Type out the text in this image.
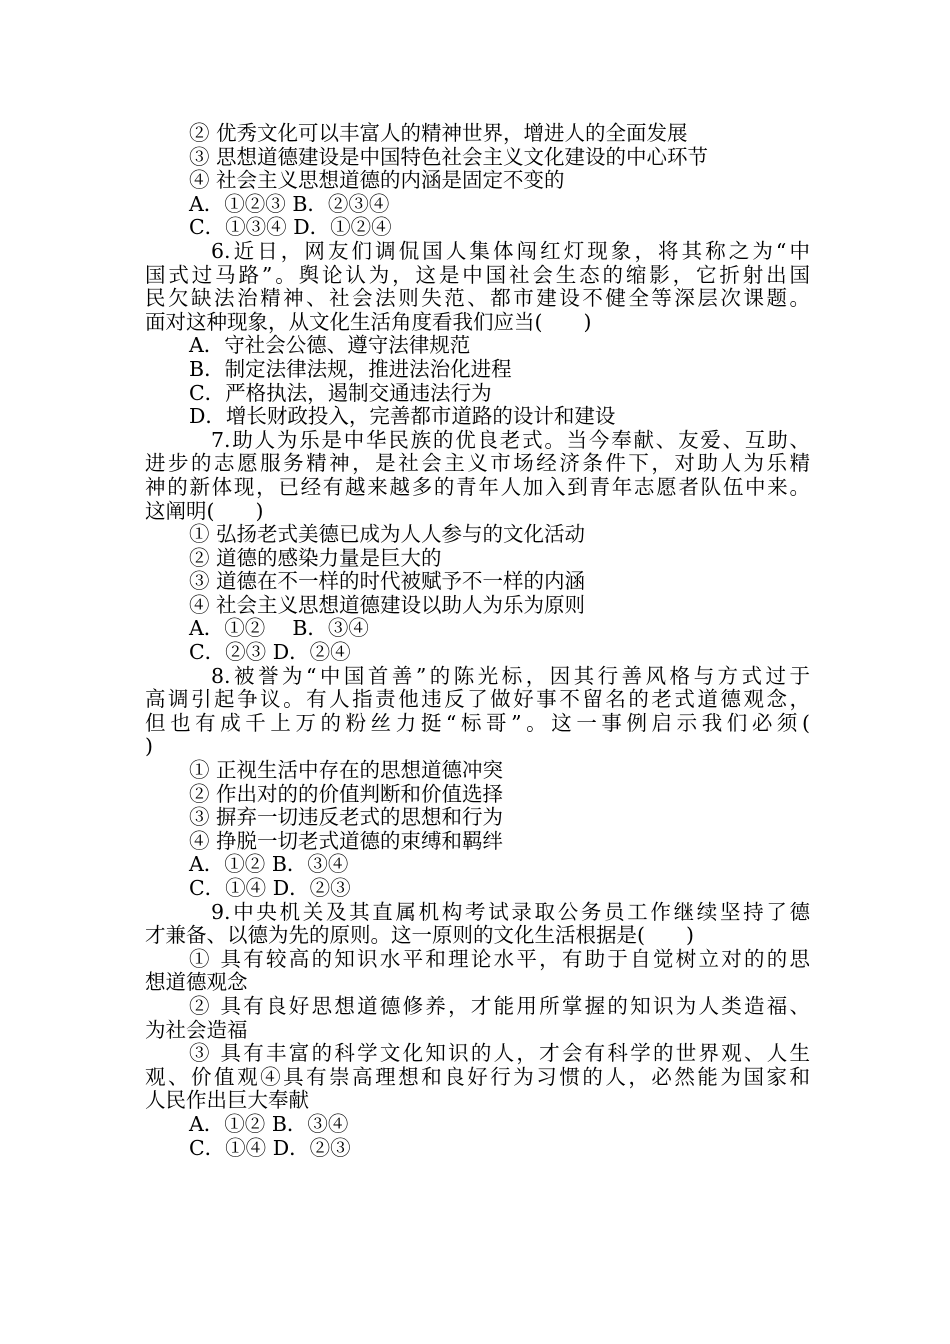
② 优秀文化可以丰富人的精神世界，增进人的全面发展
③ 思想道德建设是中国特色社会主义文化建设的中心环节
④ 社会主义思想道德的内涵是固定不变的
A．①②③ B．②③④
C．①③④ D．①②④
6.近日，网友们调侃国人集体闯红灯现象，将其称之为“中
国式过马路”。舆论认为，这是中国社会生态的缩影，它折射出国
民欠缺法治精神、社会法则失范、都市建设不健全等深层次课题。
面对这种现象，从文化生活角度看我们应当(　　)
A．守社会公德、遵守法律规范
B．制定法律法规，推进法治化进程
C．严格执法，遏制交通违法行为
D．增长财政投入，完善都市道路的设计和建设
7.助人为乐是中华民族的优良老式。当今奉献、友爱、互助、
进步的志愿服务精神，是社会主义市场经济条件下，对助人为乐精
神的新体现，已经有越来越多的青年人加入到青年志愿者队伍中来。
这阐明(　　)
① 弘扬老式美德已成为人人参与的文化活动
② 道德的感染力量是巨大的
③ 道德在不一样的时代被赋予不一样的内涵
④ 社会主义思想道德建设以助人为乐为原则
A．①②　 B．③④
C．②③ D．②④
8.被誉为“中国首善”的陈光标，因其行善风格与方式过于
高调引起争议。有人指责他违反了做好事不留名的老式道德观念，
但也有成千上万的粉丝力挺“标哥”。这一事例启示我们必须(
)
① 正视生活中存在的思想道德冲突
② 作出对的的价值判断和价值选择
③ 摒弃一切违反老式的思想和行为
④ 挣脱一切老式道德的束缚和羁绊
A．①② B．③④
C．①④ D．②③
9.中央机关及其直属机构考试录取公务员工作继续坚持了德
才兼备、以德为先的原则。这一原则的文化生活根据是(　　)
① 具有较高的知识水平和理论水平，有助于自觉树立对的的思
想道德观念
② 具有良好思想道德修养，才能用所掌握的知识为人类造福、
为社会造福
③ 具有丰富的科学文化知识的人，才会有科学的世界观、人生
观、价值观④具有崇高理想和良好行为习惯的人，必然能为国家和
人民作出巨大奉献
A．①② B．③④
C．①④ D．②③
